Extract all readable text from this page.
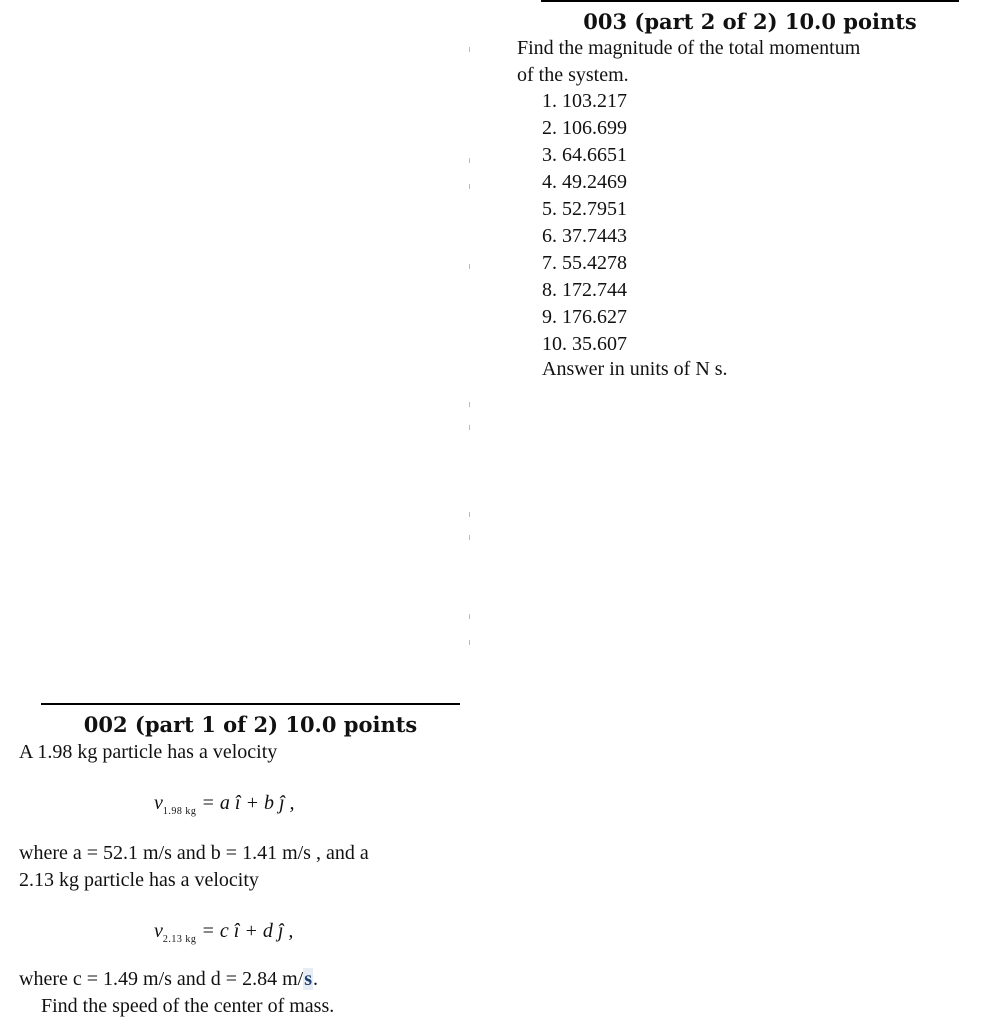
003 (part 2 of 2) 10.0 points
Find the magnitude of the total momentum
of the system.
1. 103.217
2. 106.699
3. 64.6651
4. 49.2469
5. 52.7951
6. 37.7443
7. 55.4278
8. 172.744
9. 176.627
10. 35.607
Answer in units of N s.
002 (part 1 of 2) 10.0 points
A 1.98 kg particle has a velocity
$v_{1.98 kg} = a$ î + b ĵ ,
where a = 52.1 m/s and b = 1.41 m/s , and a
2.13 kg particle has a velocity
$v_{2.13 kg} = c$ î + d ĵ ,
where c = 1.49 m/s and d = 2.84 m/s.
Find the speed of the center of mass.
